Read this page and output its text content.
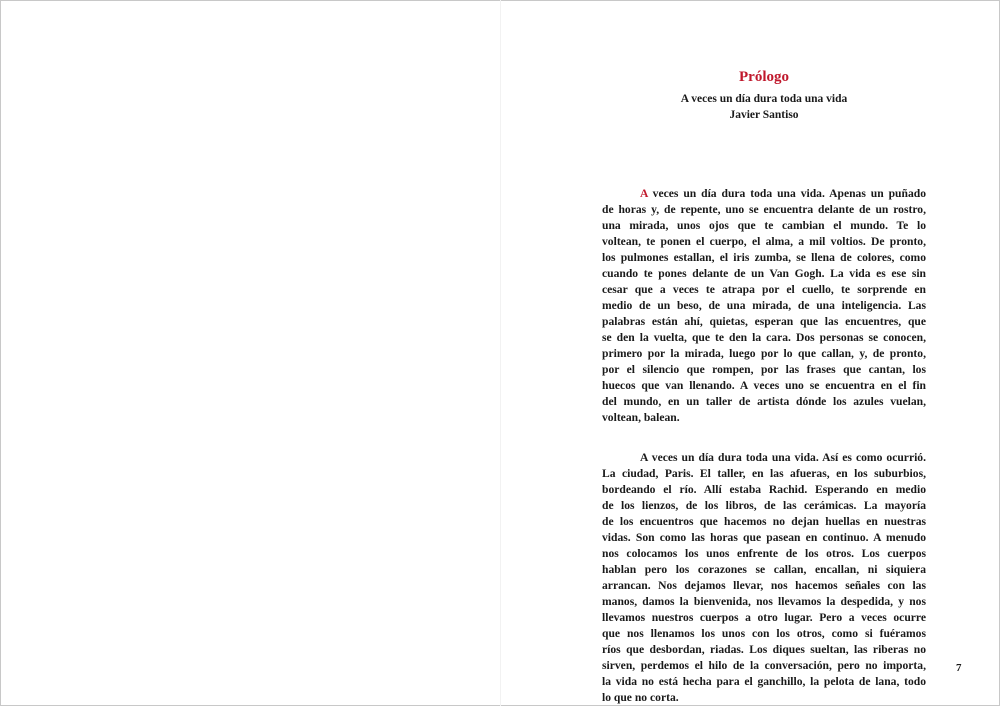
Prólogo
A veces un día dura toda una vida
Javier Santiso
A veces un día dura toda una vida. Apenas un puñado
de horas y, de repente, uno se encuentra delante de un rostro,
una mirada, unos ojos que te cambian el mundo. Te lo
voltean, te ponen el cuerpo, el alma, a mil voltios. De pronto,
los pulmones estallan, el iris zumba, se llena de colores, como
cuando te pones delante de un Van Gogh. La vida es ese sin
cesar que a veces te atrapa por el cuello, te sorprende en
medio de un beso, de una mirada, de una inteligencia. Las
palabras están ahí, quietas, esperan que las encuentres, que
se den la vuelta, que te den la cara. Dos personas se conocen,
primero por la mirada, luego por lo que callan, y, de pronto,
por el silencio que rompen, por las frases que cantan, los
huecos que van llenando. A veces uno se encuentra en el fin
del mundo, en un taller de artista dónde los azules vuelan,
voltean, balean.
A veces un día dura toda una vida. Así es como ocurrió.
La ciudad, Paris. El taller, en las afueras, en los suburbios,
bordeando el río. Allí estaba Rachid. Esperando en medio
de los lienzos, de los libros, de las cerámicas. La mayoría
de los encuentros que hacemos no dejan huellas en nuestras
vidas. Son como las horas que pasean en continuo. A menudo
nos colocamos los unos enfrente de los otros. Los cuerpos
hablan pero los corazones se callan, encallan, ni siquiera
arrancan. Nos dejamos llevar, nos hacemos señales con las
manos, damos la bienvenida, nos llevamos la despedida, y nos
llevamos nuestros cuerpos a otro lugar. Pero a veces ocurre
que nos llenamos los unos con los otros, como si fuéramos
ríos que desbordan, riadas. Los diques sueltan, las riberas no
sirven, perdemos el hilo de la conversación, pero no importa,
la vida no está hecha para el ganchillo, la pelota de lana, todo
lo que no corta.
7
